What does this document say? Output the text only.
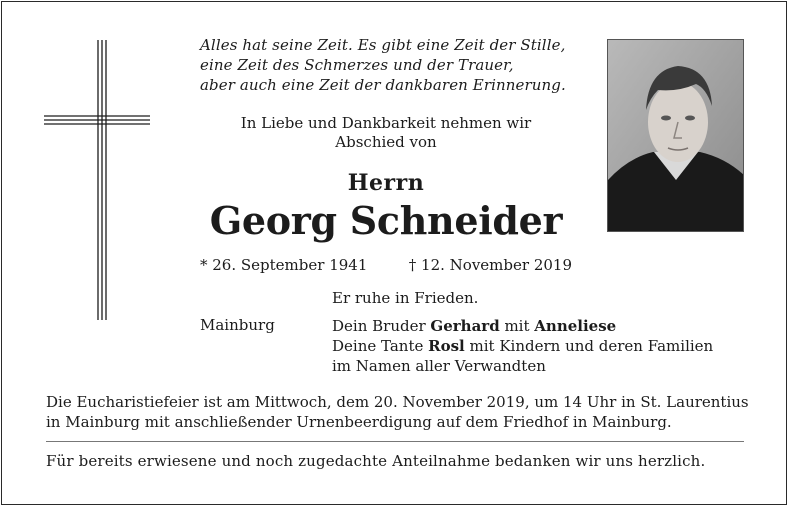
Alles hat seine Zeit. Es gibt eine Zeit der Stille,
eine Zeit des Schmerzes und der Trauer,
aber auch eine Zeit der dankbaren Erinnerung.
In Liebe und Dankbarkeit nehmen wir
Abschied von
Herrn
Georg Schneider
* 26. September 1941	† 12. November 2019
Er ruhe in Frieden.
Mainburg	Dein Bruder Gerhard mit Anneliese
Deine Tante Rosl mit Kindern und deren Familien
im Namen aller Verwandten
Die Eucharistiefeier ist am Mittwoch, dem 20. November 2019, um 14 Uhr in St. Laurentius
in Mainburg mit anschließender Urnenbeerdigung auf dem Friedhof in Mainburg.
Für bereits erwiesene und noch zugedachte Anteilnahme bedanken wir uns herzlich.
